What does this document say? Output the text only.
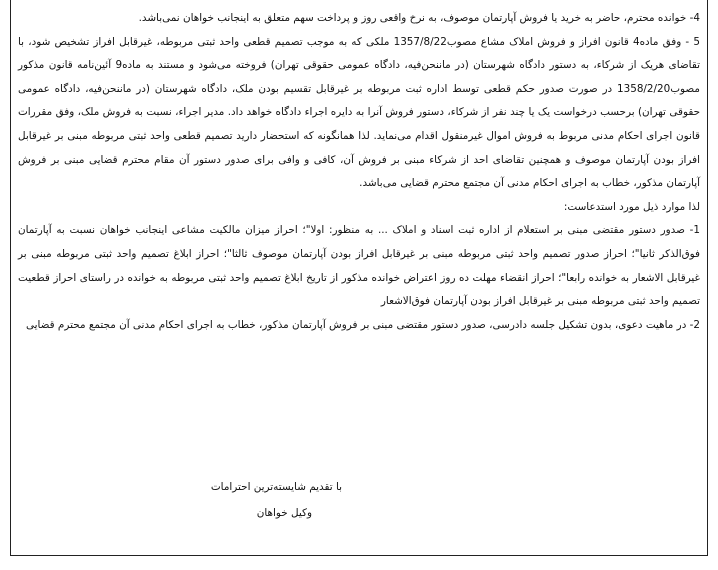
4- خوانده محترم، حاضر به خرید یا فروش آپارتمان موصوف، به نرخ واقعی روز و پرداخت سهم متعلق به اینجانب خواهان نمی‌باشد.

5 - وفق ماده4 قانون افراز و فروش املاک مشاع مصوب1357/8/22 ملکی که به موجب تصمیم قطعی واحد ثبتی مربوطه، غیرقابل افراز تشخیص شود، با تقاضای هریک از شرکاء، به دستور دادگاه شهرستان (در ماننحن‌فیه، دادگاه عمومی حقوقی تهران) فروخته می‌شود و مستند به ماده9 آئین‌نامه قانون مذکور مصوب1358/2/20 در صورت صدور حکم قطعی توسط اداره ثبت مربوطه بر غیرقابل تقسیم بودن ملک، دادگاه شهرستان (در ماننحن‌فیه، دادگاه عمومی حقوقی تهران) برحسب درخواست یک یا چند نفر از شرکاء، دستور فروش آنرا به دایره اجراء دادگاه خواهد داد. مدیر اجراء، نسبت به فروش ملک، وفق مقررات قانون اجرای احکام مدنی مربوط به فروش اموال غیرمنقول اقدام می‌نماید. لذا همانگونه که استحضار دارید تصمیم قطعی واحد ثبتی مربوطه مبنی بر غیرقابل افراز بودن آپارتمان موصوف و همچنین تقاضای احد از شرکاء مبنی بر فروش آن، کافی و وافی برای صدور دستور آن مقام محترم قضایی مبنی بر فروش آپارتمان مذکور، خطاب به اجرای احکام مدنی آن مجتمع محترم قضایی می‌باشد.

لذا موارد ذیل مورد استدعاست:

1- صدور دستور مقتضی مبنی بر استعلام از اداره ثبت اسناد و املاک ... به منظور: اولا"؛ احراز میزان مالکیت مشاعی اینجانب خواهان نسبت به آپارتمان فوق‌الذکر ثانیا"؛ احراز صدور تصمیم واحد ثبتی مربوطه مبنی بر غیرقابل افراز بودن آپارتمان موصوف ثالثا"؛ احراز ابلاغ تصمیم واحد ثبتی مربوطه مبنی بر غیرقابل الاشعار به خوانده رابعا"؛ احراز انقضاء مهلت ده روز اعتراض خوانده مذکور از تاریخ ابلاغ تصمیم واحد ثبتی مربوطه به خوانده در راستای احراز قطعیت تصمیم واحد ثبتی مربوطه مبنی بر غیرقابل افراز بودن آپارتمان فوق‌الاشعار

2- در ماهیت دعوی، بدون تشکیل جلسه دادرسی، صدور دستور مقتضی مبنی بر فروش آپارتمان مذکور، خطاب به اجرای احکام مدنی آن مجتمع محترم قضایی

با تقدیم شایسته‌ترین احترامات

وکیل خواهان
